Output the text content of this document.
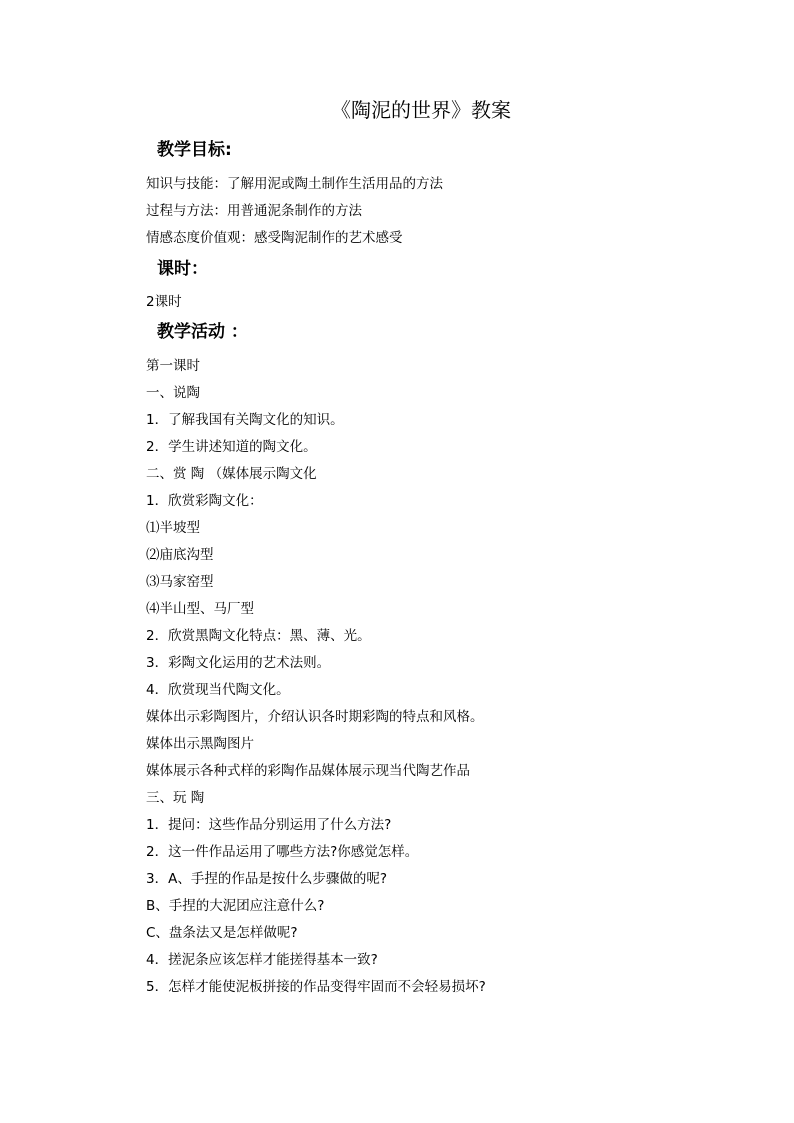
《陶泥的世界》教案
教学目标:
知识与技能：了解用泥或陶土制作生活用品的方法
过程与方法：用普通泥条制作的方法
情感态度价值观：感受陶泥制作的艺术感受
课时：
2课时
教学活动 ：
第一课时
一、说陶
1．了解我国有关陶文化的知识。
2．学生讲述知道的陶文化。
二、赏 陶 （媒体展示陶文化
1．欣赏彩陶文化：
⑴半坡型
⑵庙底沟型
⑶马家窑型
⑷半山型、马厂型
2．欣赏黑陶文化特点：黑、薄、光。
3．彩陶文化运用的艺术法则。
4．欣赏现当代陶文化。
媒体出示彩陶图片，介绍认识各时期彩陶的特点和风格。
媒体出示黑陶图片
媒体展示各种式样的彩陶作品媒体展示现当代陶艺作品
三、玩 陶
1．提问：这些作品分别运用了什么方法?
2．这一件作品运用了哪些方法?你感觉怎样。
3．A、手捏的作品是按什么步骤做的呢?
B、手捏的大泥团应注意什么?
C、盘条法又是怎样做呢?
4．搓泥条应该怎样才能搓得基本一致?
5．怎样才能使泥板拼接的作品变得牢固而不会轻易损坏?
